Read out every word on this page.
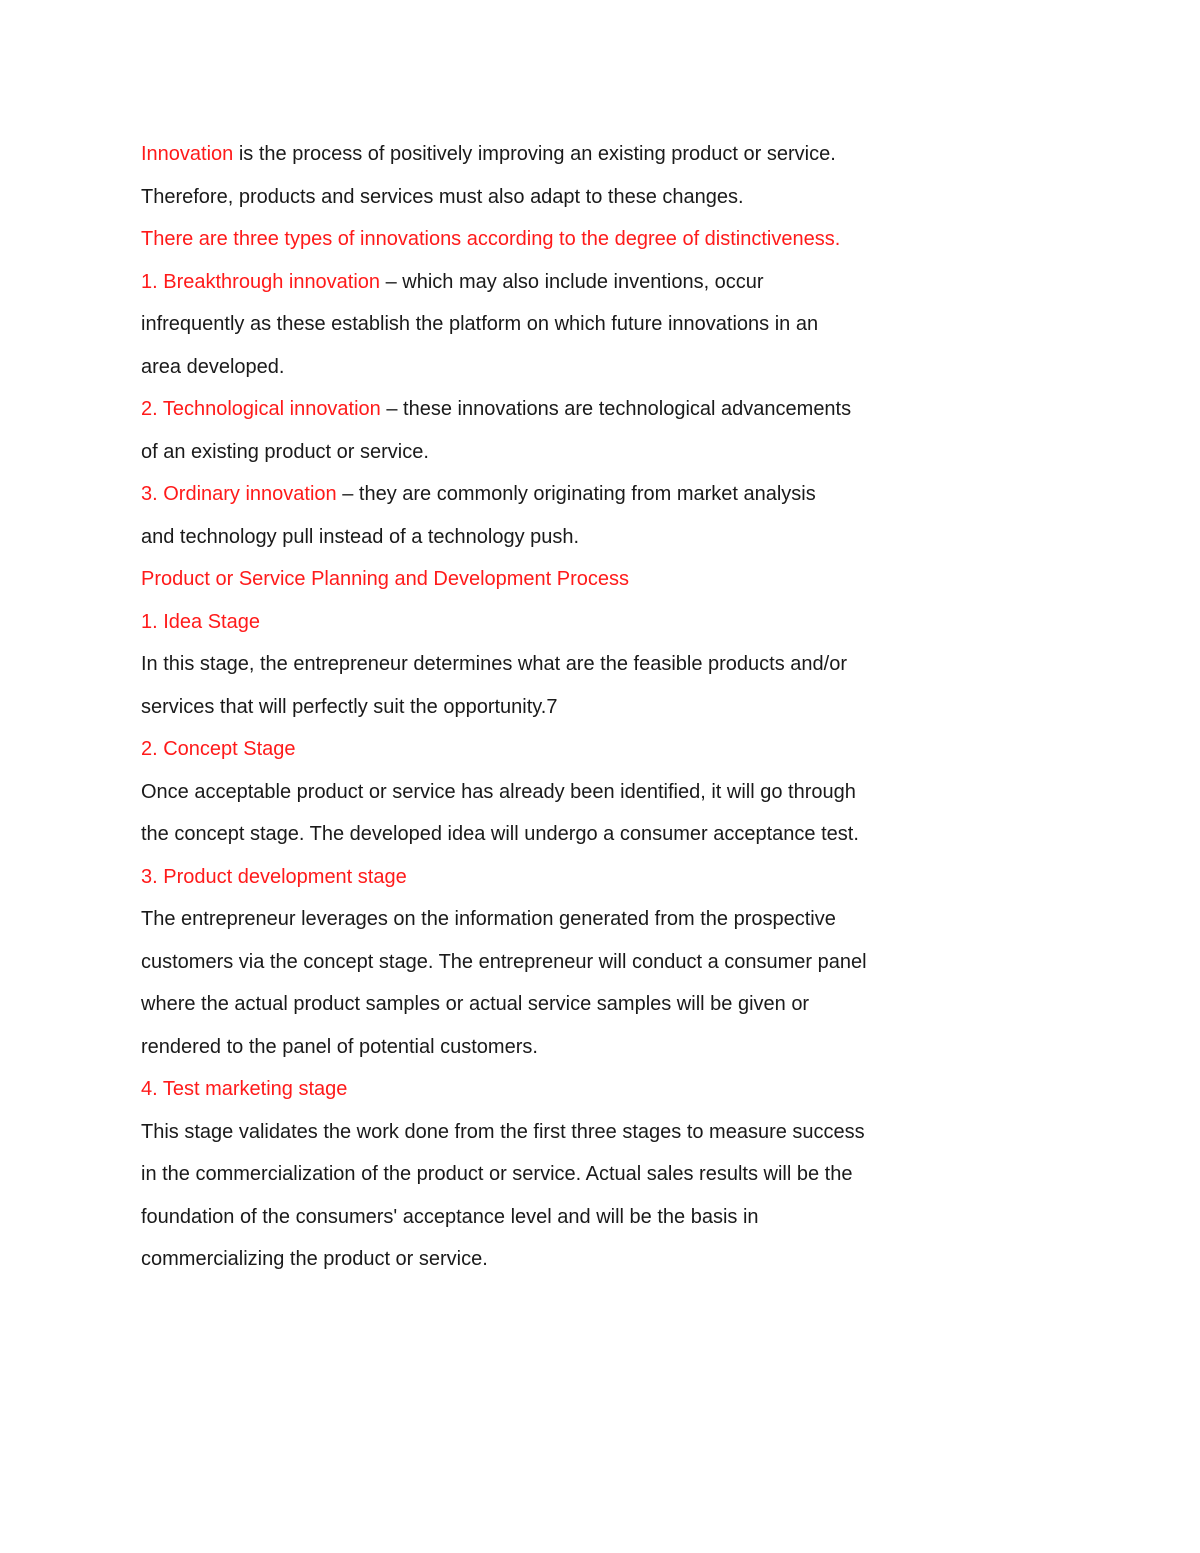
Innovation is the process of positively improving an existing product or service.
Therefore, products and services must also adapt to these changes.
There are three types of innovations according to the degree of distinctiveness.
1. Breakthrough innovation – which may also include inventions, occur
infrequently as these establish the platform on which future innovations in an
area developed.
2. Technological innovation – these innovations are technological advancements
of an existing product or service.
3. Ordinary innovation – they are commonly originating from market analysis
and technology pull instead of a technology push.
Product or Service Planning and Development Process
1. Idea Stage
In this stage, the entrepreneur determines what are the feasible products and/or
services that will perfectly suit the opportunity.7
2. Concept Stage
Once acceptable product or service has already been identified, it will go through
the concept stage. The developed idea will undergo a consumer acceptance test.
3. Product development stage
The entrepreneur leverages on the information generated from the prospective
customers via the concept stage. The entrepreneur will conduct a consumer panel
where the actual product samples or actual service samples will be given or
rendered to the panel of potential customers.
4. Test marketing stage
This stage validates the work done from the first three stages to measure success
in the commercialization of the product or service. Actual sales results will be the
foundation of the consumers' acceptance level and will be the basis in
commercializing the product or service.
